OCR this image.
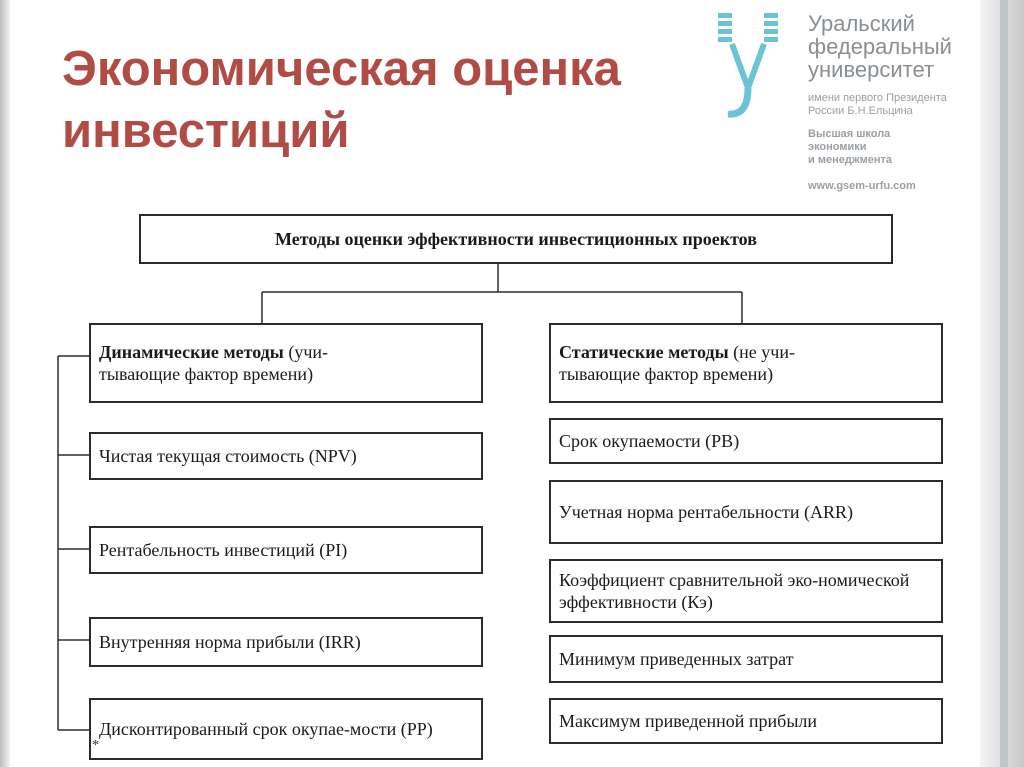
Экономическая оценка
инвестиций
Уральский
федеральный
университет
имени первого Президента
России Б.Н.Ельцина
Высшая школа
экономики
и менеджмента
www.gsem-urfu.com
Методы оценки эффективности инвестиционных проектов
Динамические методы (учи-
тывающие фактор времени)
Статические методы (не учи-
тывающие фактор времени)
Чистая текущая стоимость (NPV)
Рентабельность инвестиций (PI)
Внутренняя норма прибыли (IRR)
Дисконтированный срок окупае-мости (PP)
Срок окупаемости (PB)
Учетная норма рентабельности (ARR)
Коэффициент сравнительной эко-номической эффективности (Кэ)
Минимум приведенных затрат
Максимум приведенной прибыли
*
